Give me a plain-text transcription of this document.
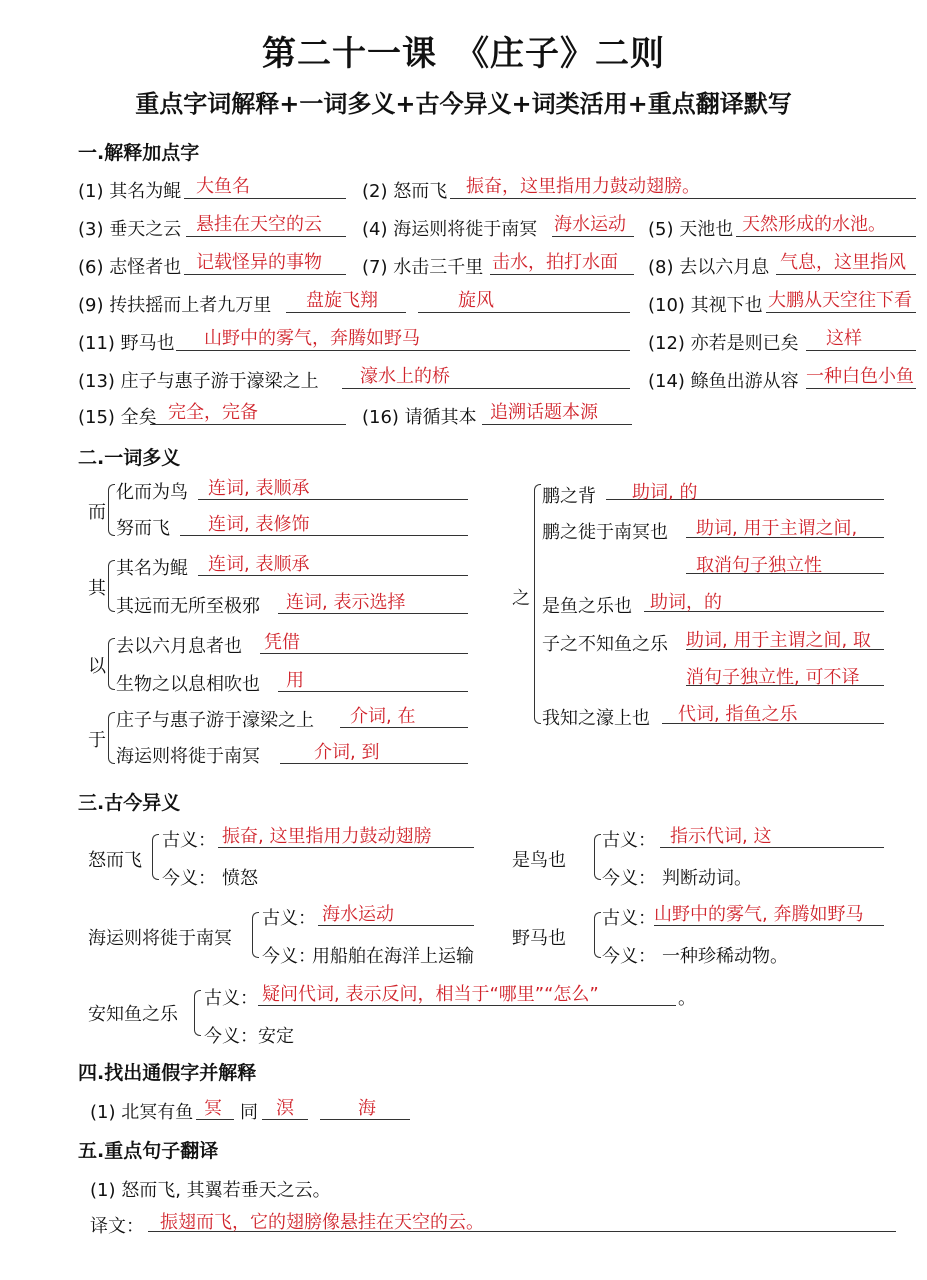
第二十一课　《庄子》二则
重点字词解释+一词多义+古今异义+词类活用+重点翻译默写
一.解释加点字
(1) 其名为鲲 大鱼名	(2) 怒而飞 振奋，这里指用力鼓动翅膀。
(3) 垂天之云 悬挂在天空的云 (4) 海运则将徙于南冥 海水运动 (5) 天池也 天然形成的水池。
(6) 志怪者也 记载怪异的事物 (7) 水击三千里 击水，拍打水面 (8) 去以六月息 气息，这里指风
(9) 抟扶摇而上者九万里 盘旋飞翔	旋风	(10) 其视下也 大鹏从天空往下看
(11) 野马也 山野中的雾气，奔腾如野马	(12) 亦若是则已矣 这样
(13) 庄子与惠子游于濠梁之上 濠水上的桥	(14) 鲦鱼出游从容 一种白色小鱼
(15) 全矣 完全，完备	(16) 请循其本 追溯话题本源
二.一词多义
而
化而为鸟 连词, 表顺承
努而飞 连词, 表修饰
其
其名为鲲 连词, 表顺承
其远而无所至极邪 连词, 表示选择
以
去以六月息者也 凭借
生物之以息相吹也 用
于
庄子与惠子游于濠梁之上 介词, 在
海运则将徙于南冥	介词, 到
之
鹏之背 助词, 的
鹏之徙于南冥也 助词, 用于主谓之间,
取消句子独立性
是鱼之乐也 助词，的
子之不知鱼之乐 助词, 用于主谓之间, 取
消句子独立性, 可不译
我知之濠上也 代词, 指鱼之乐
三.古今异义
怒而飞
古义： 振奋, 这里指用力鼓动翅膀
今义： 愤怒
是鸟也
古义： 指示代词, 这
今义： 判断动词。
海运则将徙于南冥
古义： 海水运动
今义：
用船舶在海洋上运输
野马也
古义：
山野中的雾气, 奔腾如野马
今义： 一种珍稀动物。
安知鱼之乐
古义： 疑问代词, 表示反问，相当于“哪里”“怎么”	。
今义： 安定
四.找出通假字并解释
(1) 北冥有鱼 冥 同 溟	海
五.重点句子翻译
(1) 怒而飞, 其翼若垂天之云。
译文： 振翅而飞，它的翅膀像悬挂在天空的云。
